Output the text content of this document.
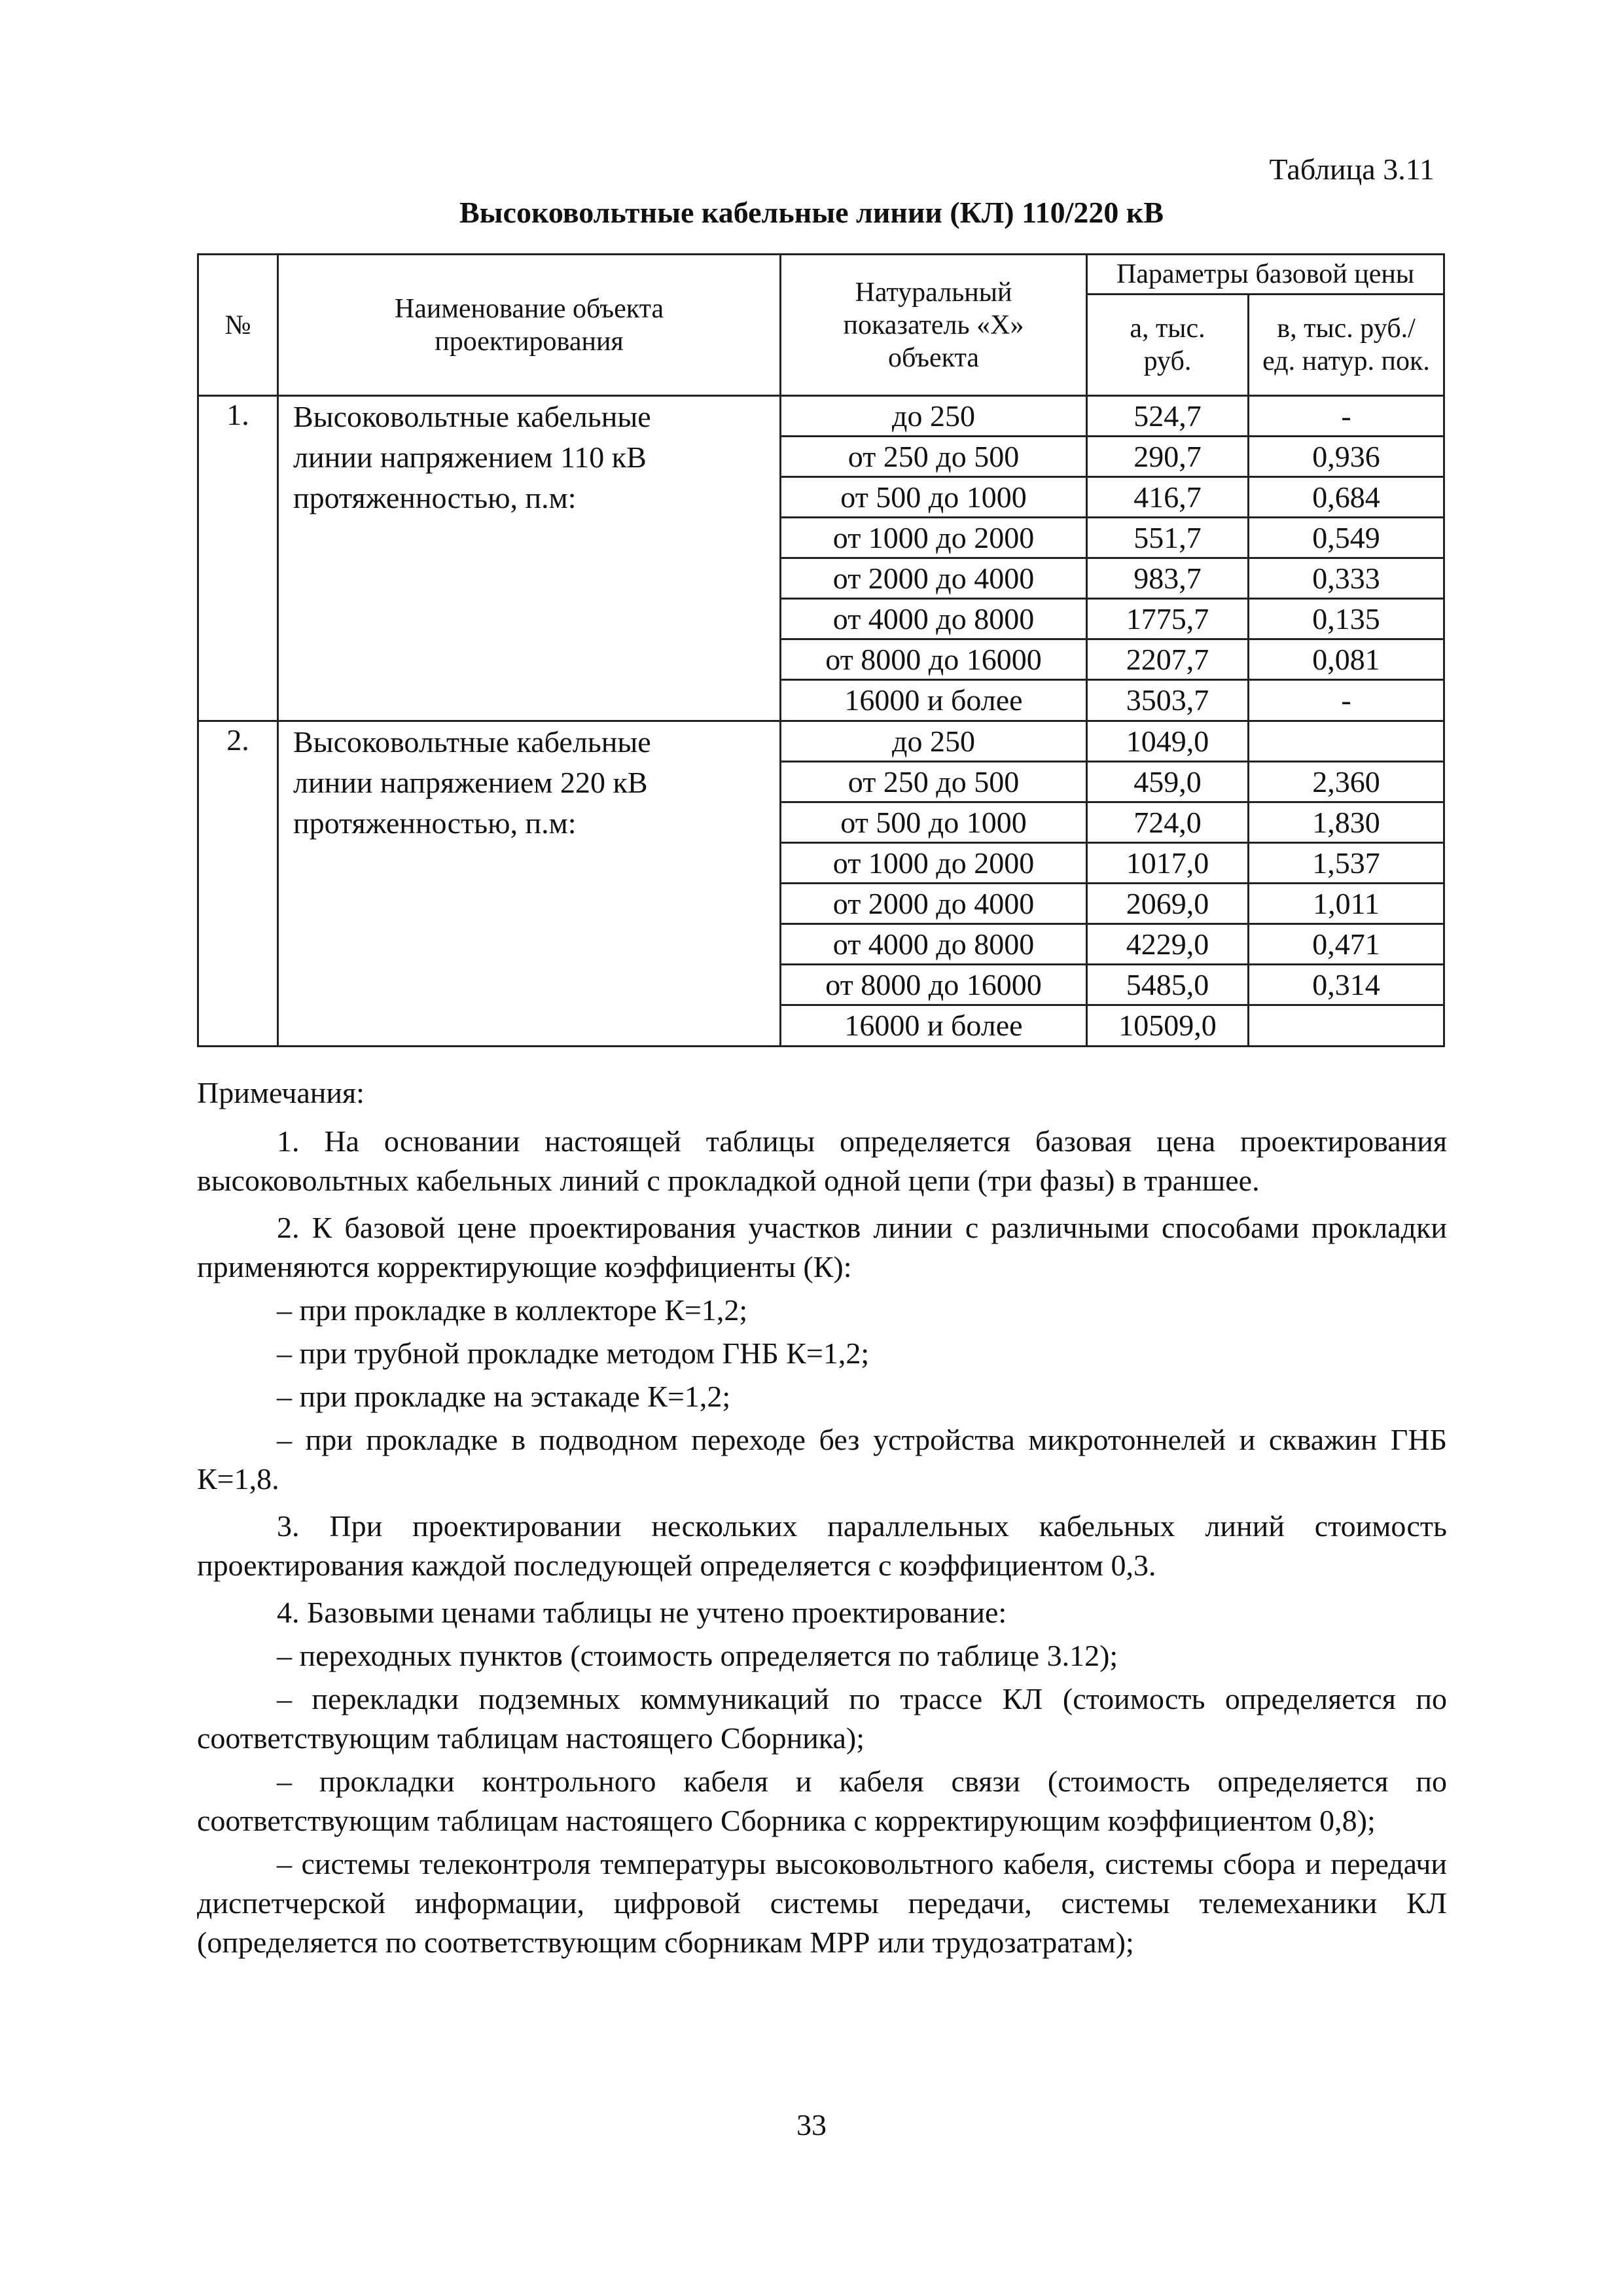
Таблица 3.11
Высоковольтные кабельные линии (КЛ) 110/220 кВ
№	Наименование объекта проектирования	Натуральный показатель «Х» объекта	Параметры базовой цены	
			а, тыс. руб.	в, тыс. руб./ед. натур. пок.
1.	Высоковольтные кабельные
линии напряжением 110 кВ
протяженностью, п.м:	до 250	524,7	-
		от 250 до 500	290,7	0,936
		от 500 до 1000	416,7	0,684
		от 1000 до 2000	551,7	0,549
		от 2000 до 4000	983,7	0,333
		от 4000 до 8000	1775,7	0,135
		от 8000 до 16000	2207,7	0,081
		16000 и более	3503,7	-
2.	Высоковольтные кабельные
линии напряжением 220 кВ
протяженностью, п.м:	до 250	1049,0	
		от 250 до 500	459,0	2,360
		от 500 до 1000	724,0	1,830
		от 1000 до 2000	1017,0	1,537
		от 2000 до 4000	2069,0	1,011
		от 4000 до 8000	4229,0	0,471
		от 8000 до 16000	5485,0	0,314
		16000 и более	10509,0	

Примечания:

1. На основании настоящей таблицы определяется базовая цена проектирования высоковольтных кабельных линий с прокладкой одной цепи (три фазы) в траншее.

2. К базовой цене проектирования участков линии с различными способами прокладки применяются корректирующие коэффициенты (К):

– при прокладке в коллекторе К=1,2;

– при трубной прокладке методом ГНБ К=1,2;

– при прокладке на эстакаде К=1,2;

– при прокладке в подводном переходе без устройства микротоннелей и скважин ГНБ К=1,8.

3. При проектировании нескольких параллельных кабельных линий стоимость проектирования каждой последующей определяется с коэффициентом 0,3.

4. Базовыми ценами таблицы не учтено проектирование:

– переходных пунктов (стоимость определяется по таблице 3.12);

– перекладки подземных коммуникаций по трассе КЛ (стоимость определяется по соответствующим таблицам настоящего Сборника);

– прокладки контрольного кабеля и кабеля связи (стоимость определяется по соответствующим таблицам настоящего Сборника с корректирующим коэффициентом 0,8);

– системы телеконтроля температуры высоковольтного кабеля, системы сбора и передачи диспетчерской информации, цифровой системы передачи, системы телемеханики КЛ (определяется по соответствующим сборникам МРР или трудозатратам);

33
